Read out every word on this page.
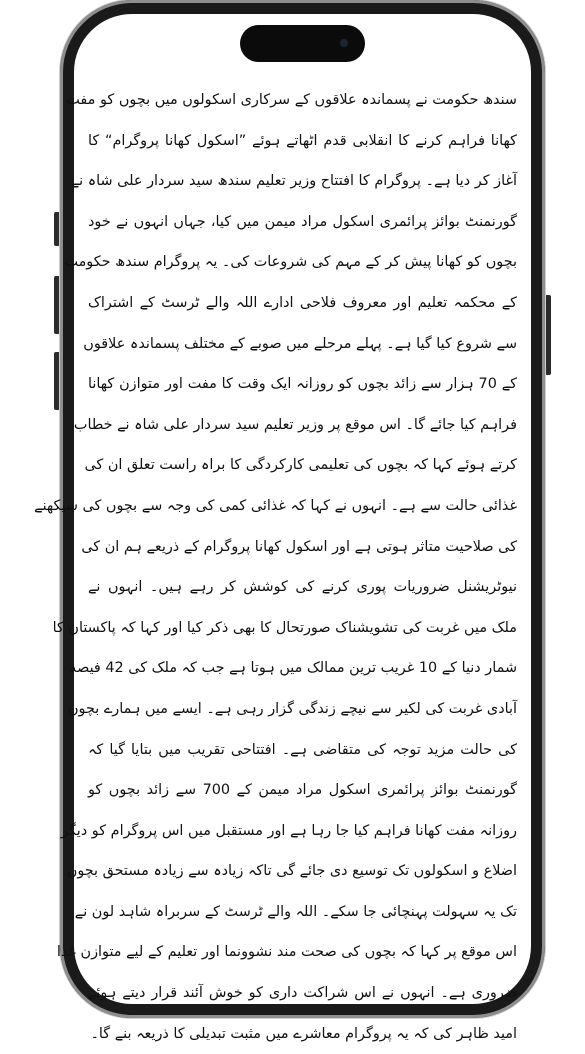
سندھ حکومت نے پسماندہ علاقوں کے سرکاری اسکولوں میں بچوں کو مفت
کھانا فراہم کرنے کا انقلابی قدم اٹھاتے ہوئے ”اسکول کھانا پروگرام“ کا
آغاز کر دیا ہے۔ پروگرام کا افتتاح وزیر تعلیم سندھ سید سردار علی شاہ نے
گورنمنٹ بوائز پرائمری اسکول مراد میمن میں کیا، جہاں انہوں نے خود
بچوں کو کھانا پیش کر کے مہم کی شروعات کی۔ یہ پروگرام سندھ حکومت
کے محکمہ تعلیم اور معروف فلاحی ادارے اللہ والے ٹرسٹ کے اشتراک
سے شروع کیا گیا ہے۔ پہلے مرحلے میں صوبے کے مختلف پسماندہ علاقوں
کے 70 ہزار سے زائد بچوں کو روزانہ ایک وقت کا مفت اور متوازن کھانا
فراہم کیا جائے گا۔ اس موقع پر وزیر تعلیم سید سردار علی شاہ نے خطاب
کرتے ہوئے کہا کہ بچوں کی تعلیمی کارکردگی کا براہ راست تعلق ان کی
غذائی حالت سے ہے۔ انہوں نے کہا کہ غذائی کمی کی وجہ سے بچوں کی سیکھنے
کی صلاحیت متاثر ہوتی ہے اور اسکول کھانا پروگرام کے ذریعے ہم ان کی
نیوٹریشنل ضروریات پوری کرنے کی کوشش کر رہے ہیں۔ انہوں نے
ملک میں غربت کی تشویشناک صورتحال کا بھی ذکر کیا اور کہا کہ پاکستان کا
شمار دنیا کے 10 غریب ترین ممالک میں ہوتا ہے جب کہ ملک کی 42 فیصد
آبادی غربت کی لکیر سے نیچے زندگی گزار رہی ہے۔ ایسے میں ہمارے بچوں
کی حالت مزید توجہ کی متقاضی ہے۔ افتتاحی تقریب میں بتایا گیا کہ
گورنمنٹ بوائز پرائمری اسکول مراد میمن کے 700 سے زائد بچوں کو
روزانہ مفت کھانا فراہم کیا جا رہا ہے اور مستقبل میں اس پروگرام کو دیگر
اضلاع و اسکولوں تک توسیع دی جائے گی تاکہ زیادہ سے زیادہ مستحق بچوں
تک یہ سہولت پہنچائی جا سکے۔ اللہ والے ٹرسٹ کے سربراہ شاہد لون نے
اس موقع پر کہا کہ بچوں کی صحت مند نشوونما اور تعلیم کے لیے متوازن غذا
ضروری ہے۔ انہوں نے اس شراکت داری کو خوش آئند قرار دیتے ہوئے
امید ظاہر کی کہ یہ پروگرام معاشرے میں مثبت تبدیلی کا ذریعہ بنے گا۔
